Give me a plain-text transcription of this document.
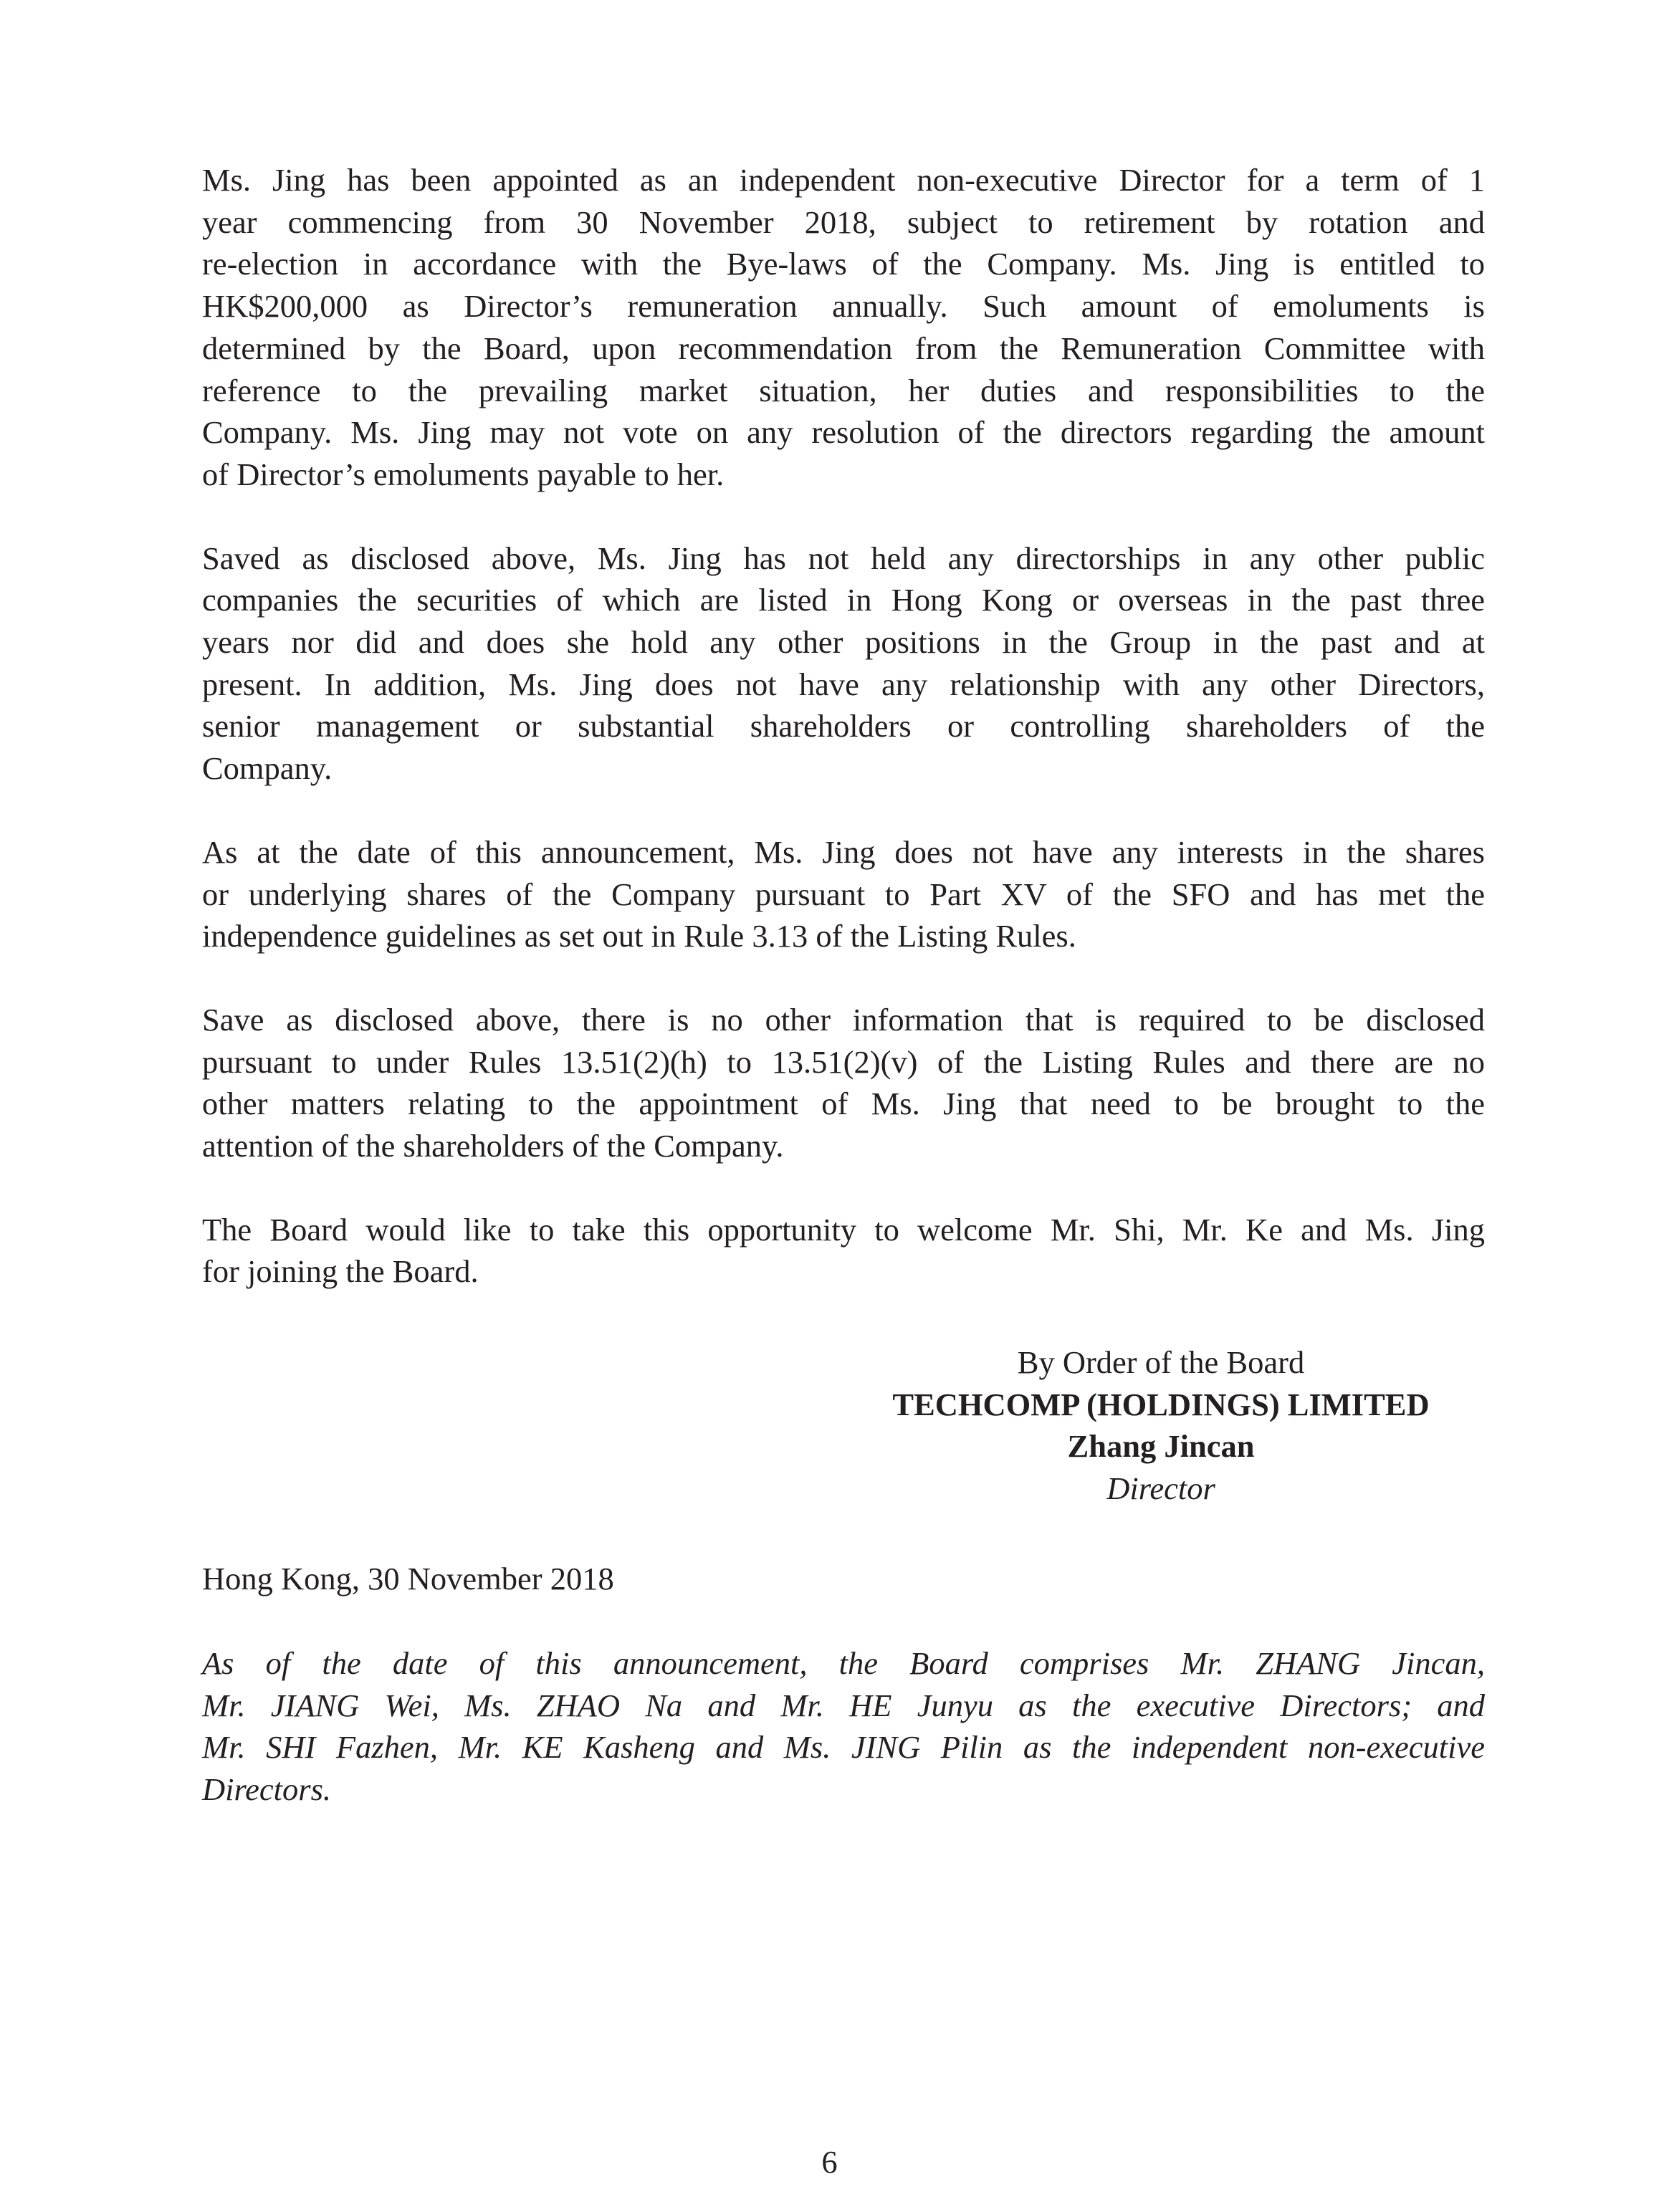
Ms. Jing has been appointed as an independent non-executive Director for a term of 1
year commencing from 30 November 2018, subject to retirement by rotation and
re-election in accordance with the Bye-laws of the Company. Ms. Jing is entitled to
HK$200,000 as Director’s remuneration annually. Such amount of emoluments is
determined by the Board, upon recommendation from the Remuneration Committee with
reference to the prevailing market situation, her duties and responsibilities to the
Company. Ms. Jing may not vote on any resolution of the directors regarding the amount
of Director’s emoluments payable to her.

Saved as disclosed above, Ms. Jing has not held any directorships in any other public
companies the securities of which are listed in Hong Kong or overseas in the past three
years nor did and does she hold any other positions in the Group in the past and at
present. In addition, Ms. Jing does not have any relationship with any other Directors,
senior management or substantial shareholders or controlling shareholders of the
Company.

As at the date of this announcement, Ms. Jing does not have any interests in the shares
or underlying shares of the Company pursuant to Part XV of the SFO and has met the
independence guidelines as set out in Rule 3.13 of the Listing Rules.

Save as disclosed above, there is no other information that is required to be disclosed
pursuant to under Rules 13.51(2)(h) to 13.51(2)(v) of the Listing Rules and there are no
other matters relating to the appointment of Ms. Jing that need to be brought to the
attention of the shareholders of the Company.

The Board would like to take this opportunity to welcome Mr. Shi, Mr. Ke and Ms. Jing
for joining the Board.

By Order of the Board
TECHCOMP (HOLDINGS) LIMITED
Zhang Jincan
Director
Hong Kong, 30 November 2018
As of the date of this announcement, the Board comprises Mr. ZHANG Jincan,
Mr. JIANG Wei, Ms. ZHAO Na and Mr. HE Junyu as the executive Directors; and
Mr. SHI Fazhen, Mr. KE Kasheng and Ms. JING Pilin as the independent non-executive
Directors.
6
